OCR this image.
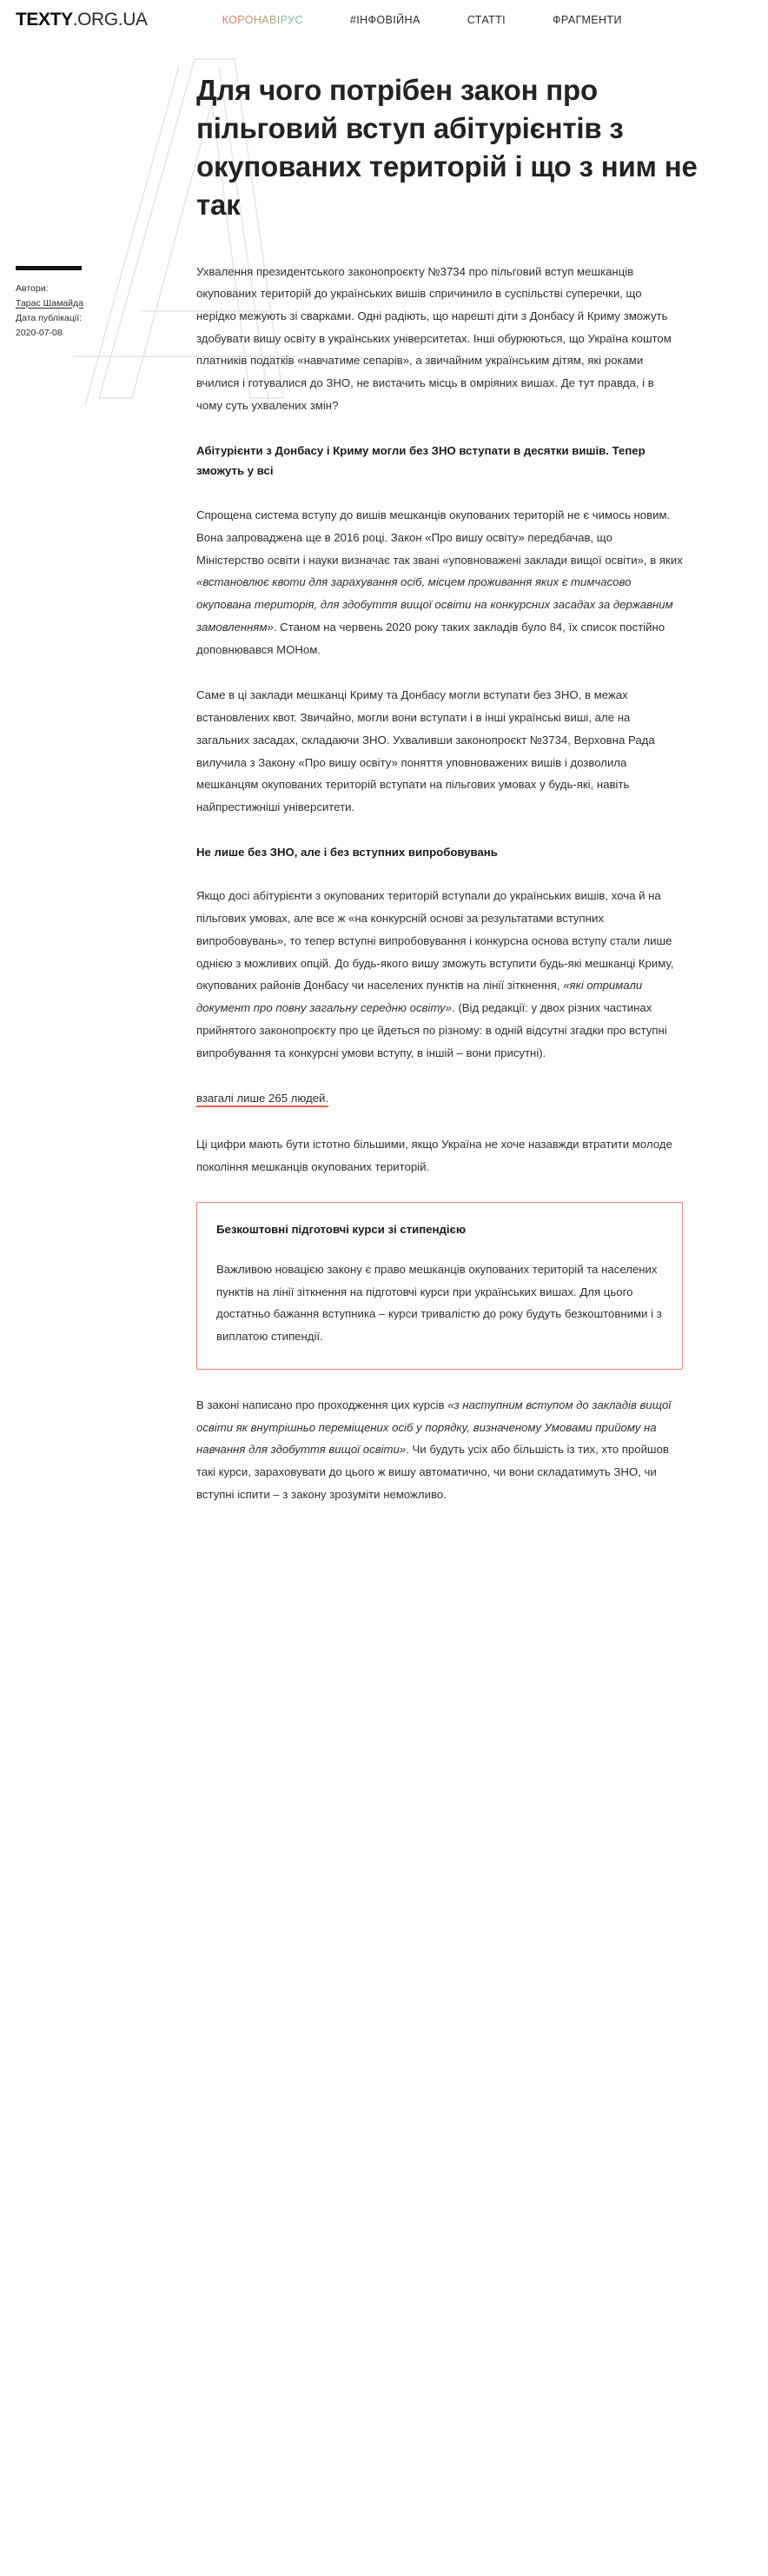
TEXTY.ORG.UA	КОРОНАВІРУС	#ІНФОВІЙНА	СТАТТІ	ФРАГМЕНТИ
Для чого потрібен закон про пільговий вступ абітурієнтів з окупованих територій і що з ним не так
Автори:
Тарас Шамайда
Дата публікації:
2020-07-08

Ухвалення президентського законопроєкту №3734 про пільговий вступ мешканців окупованих територій до українських вишів спричинило в суспільстві суперечки, що нерідко межують зі сварками. Одні радіють, що нарешті діти з Донбасу й Криму зможуть здобувати вишу освіту в українських університетах. Інші обурюються, що Україна коштом платників податків «навчатиме сепарів», а звичайним українським дітям, які роками вчилися і готувалися до ЗНО, не вистачить місць в омріяних вишах. Де тут правда, і в чому суть ухвалених змін?

Абітурієнти з Донбасу і Криму могли без ЗНО вступати в десятки вишів. Тепер зможуть у всі

Спрощена система вступу до вишів мешканців окупованих територій не є чимось новим. Вона запроваджена ще в 2016 році. Закон «Про вишу освіту» передбачав, що Міністерство освіти і науки визначає так звані «уповноважені заклади вищої освіти», в яких «встановлює квоти для зарахування осіб, місцем проживання яких є тимчасово окупована територія, для здобуття вищої освіти на конкурсних засадах за державним замовленням». Станом на червень 2020 року таких закладів було 84, їх список постійно доповнювався МОНом.

Саме в ці заклади мешканці Криму та Донбасу могли вступати без ЗНО, в межах встановлених квот. Звичайно, могли вони вступати і в інші українські виші, але на загальних засадах, складаючи ЗНО. Ухваливши законопроєкт №3734, Верховна Рада вилучила з Закону «Про вишу освіту» поняття уповноважених вишів і дозволила мешканцям окупованих територій вступати на пільгових умовах у будь-які, навіть найпрестижніші університети.

Не лише без ЗНО, але і без вступних випробовувань

Якщо досі абітурієнти з окупованих територій вступали до українських вишів, хоча й на пільгових умовах, але все ж «на конкурсній основі за результатами вступних випробовувань», то тепер вступні випробовування і конкурсна основа вступу стали лише однією з можливих опцій. До будь-якого вишу зможуть вступити будь-які мешканці Криму, окупованих районів Донбасу чи населених пунктів на лінії зіткнення, «які отримали документ про повну загальну середню освіту». (Від редакції: у двох різних частинах прийнятого законопроєкту про це йдеться по різному: в одній відсутні згадки про вступні випробування та конкурсні умови вступу, в іншій – вони присутні).

взагалі лише 265 людей.

Ці цифри мають бути істотно більшими, якщо Україна не хоче назавжди втратити молоде покоління мешканців окупованих територій.

Безкоштовні підготовчі курси зі стипендією

Важливою новацією закону є право мешканців окупованих територій та населених пунктів на лінії зіткнення на підготовчі курси при українських вишах. Для цього достатньо бажання вступника – курси тривалістю до року будуть безкоштовними і з виплатою стипендії.

В законі написано про проходження цих курсів «з наступним вступом до закладів вищої освіти як внутрішньо переміщених осіб у порядку, визначеному Умовами прийому на навчання для здобуття вищої освіти». Чи будуть усіх або більшість із тих, хто пройшов такі курси, зараховувати до цього ж вишу автоматично, чи вони складатимуть ЗНО, чи вступні іспити – з закону зрозуміти неможливо.
